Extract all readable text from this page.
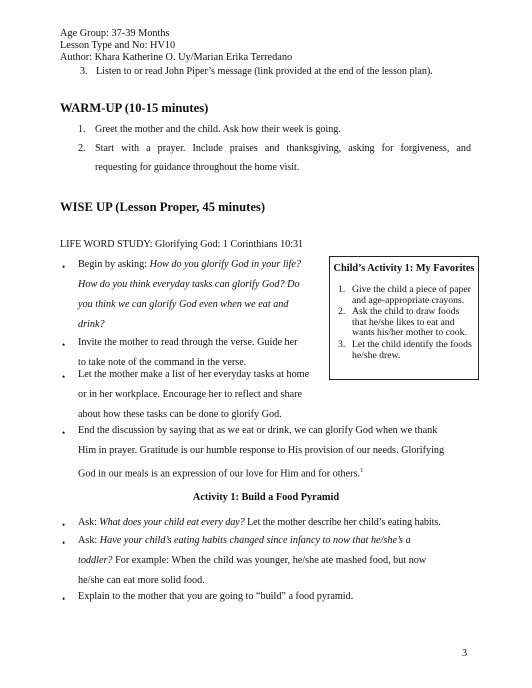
Age Group: 37-39 Months
Lesson Type and No: HV10
Author: Khara Katherine O. Uy/Marian Erika Terredano
3. Listen to or read John Piper’s message (link provided at the end of the lesson plan).
WARM-UP (10-15 minutes)
1. Greet the mother and the child. Ask how their week is going.
2. Start with a prayer. Include praises and thanksgiving, asking for forgiveness, and
requesting for guidance throughout the home visit.
WISE UP (Lesson Proper, 45 minutes)
LIFE WORD STUDY: Glorifying God: 1 Corinthians 10:31
• Begin by asking: How do you glorify God in your life?
How do you think everyday tasks can glorify God? Do
you think we can glorify God even when we eat and
drink?
• Invite the mother to read through the verse. Guide her
to take note of the command in the verse.
• Let the mother make a list of her everyday tasks at home
or in her workplace. Encourage her to reflect and share
about how these tasks can be done to glorify God.
• End the discussion by saying that as we eat or drink, we can glorify God when we thank
Him in prayer. Gratitude is our humble response to His provision of our needs. Glorifying
God in our meals is an expression of our love for Him and for others.$^1$
Child’s Activity 1: My Favorites
1. Give the child a piece of paper and age-appropriate crayons.
2. Ask the child to draw foods that he/she likes to eat and wants his/her mother to cook.
3. Let the child identify the foods he/she drew.
Activity 1: Build a Food Pyramid
• Ask: What does your child eat every day? Let the mother describe her child’s eating habits.
• Ask: Have your child’s eating habits changed since infancy to now that he/she’s a
toddler? For example: When the child was younger, he/she ate mashed food, but now
he/she can eat more solid food.
• Explain to the mother that you are going to “build” a food pyramid.
3
